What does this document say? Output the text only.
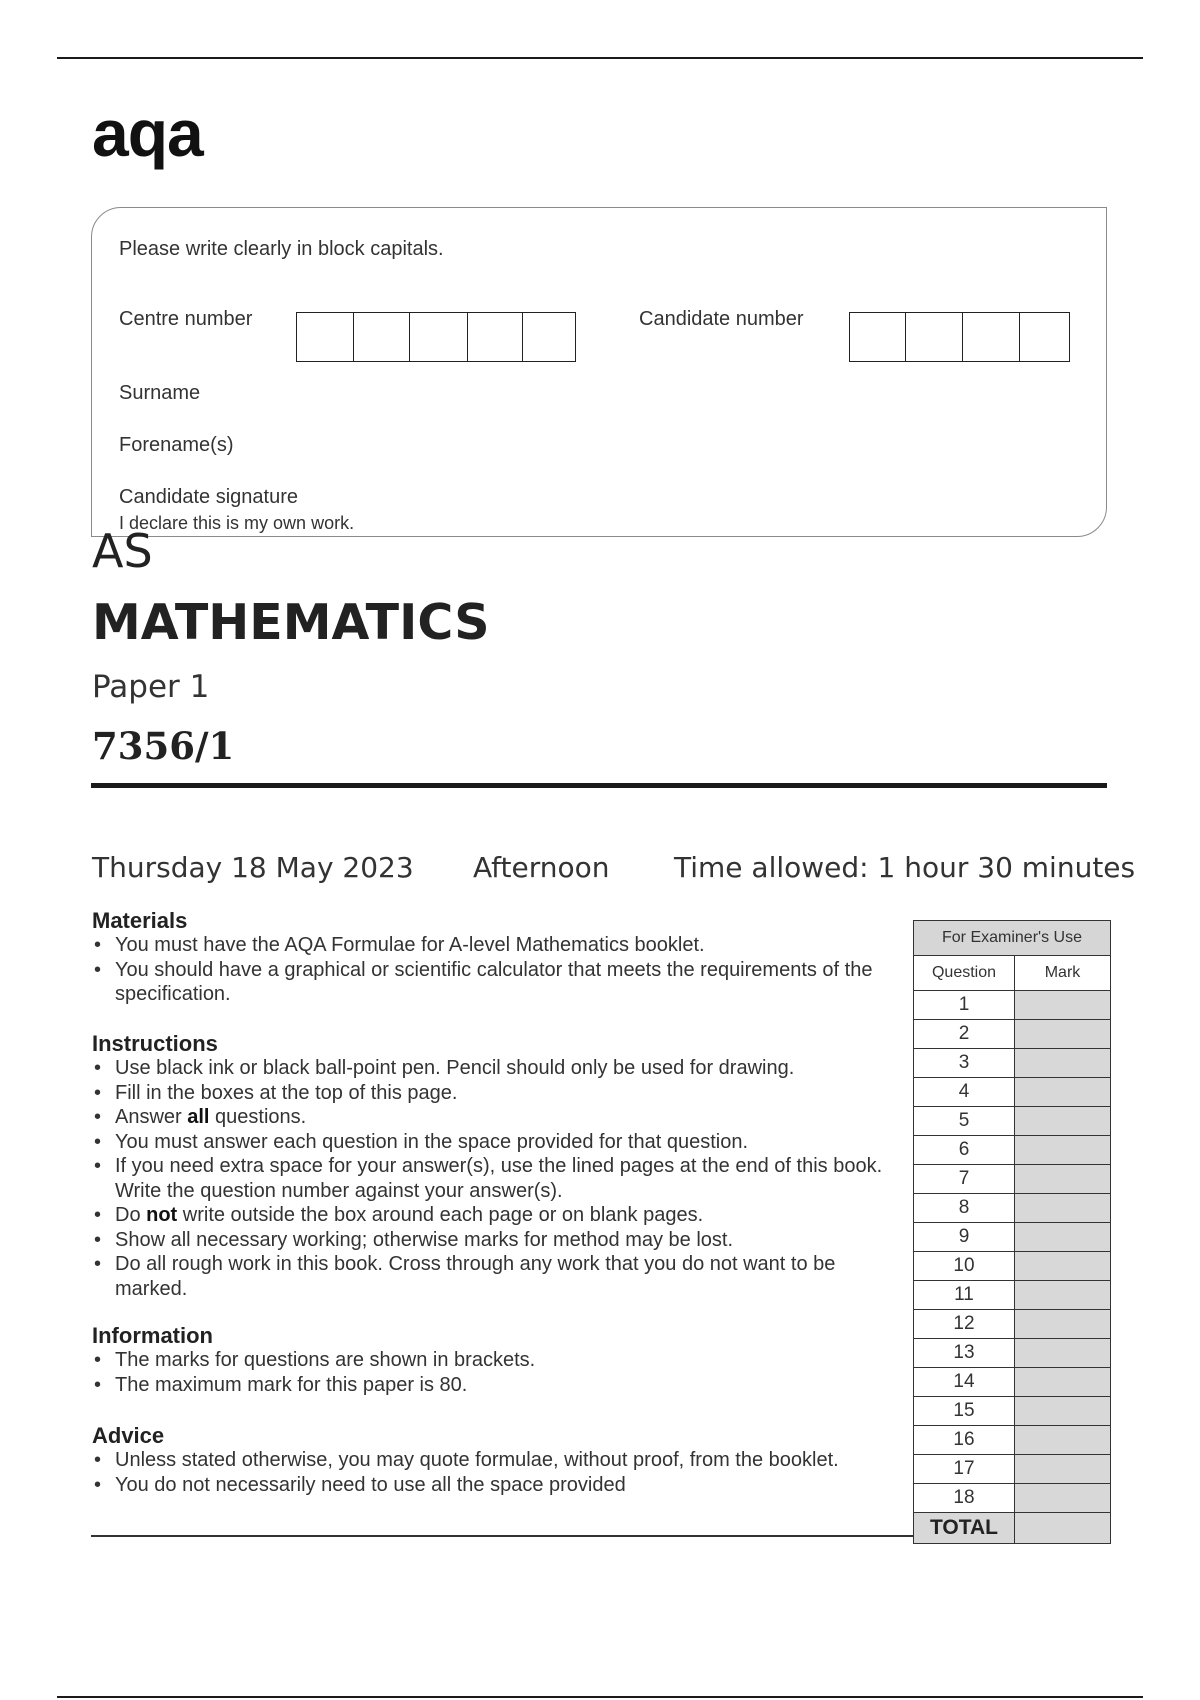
aqa
Please write clearly in block capitals.
Centre number	Candidate number
Surname
Forename(s)
Candidate signature
I declare this is my own work.
AS
MATHEMATICS
Paper 1
7356/1
Thursday 18 May 2023 Afternoon Time allowed: 1 hour 30 minutes
Materials
• You must have the AQA Formulae for A-level Mathematics booklet.
• You should have a graphical or scientific calculator that meets the requirements of the specification.
Instructions
• Use black ink or black ball-point pen. Pencil should only be used for drawing.
• Fill in the boxes at the top of this page.
• Answer all questions.
• You must answer each question in the space provided for that question.
• If you need extra space for your answer(s), use the lined pages at the end of this book. Write the question number against your answer(s).
• Do not write outside the box around each page or on blank pages.
• Show all necessary working; otherwise marks for method may be lost.
• Do all rough work in this book. Cross through any work that you do not want to be marked.
Information
• The marks for questions are shown in brackets.
• The maximum mark for this paper is 80.
Advice
• Unless stated otherwise, you may quote formulae, without proof, from the booklet.
• You do not necessarily need to use all the space provided
For Examiner's Use	
Question	Mark
1	
2	
3	
4	
5	
6	
7	
8	
9	
10	
11	
12	
13	
14	
15	
16	
17	
18	
TOTAL	
